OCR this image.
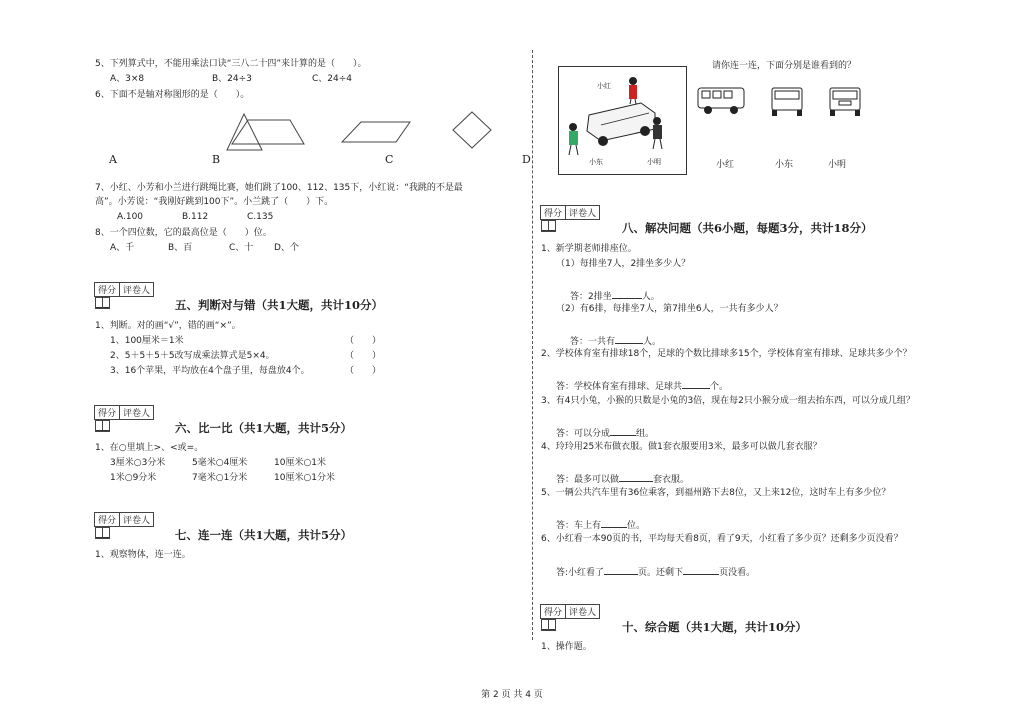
5、下列算式中，不能用乘法口诀“三八二十四”来计算的是（　　）。
A、3×8	B、24÷3	C、24÷4
6、下面不是轴对称图形的是（　　）。
A	B	C	D
7、小红、小芳和小兰进行跳绳比赛，她们跳了100、112、135下，小红说：“我跳的不是最
高”。小芳说：“我刚好跳到100下”。小兰跳了（　　）下。
A.100	B.112	C.135
8、一个四位数，它的最高位是（　　）位。
A、千	B、百	C、十 D、个
得分	评卷人

五、判断对与错（共1大题，共计10分）
1、判断。对的画“√”，错的画“×”。
1、100厘米＝1米	（　　）
2、5＋5＋5＋5改写成乘法算式是5×4。	（　　）
3、16个苹果，平均放在4个盘子里，每盘放4个。	（　　）
得分	评卷人

六、比一比（共1大题，共计5分）
1、在○里填上>、<或=。
3厘米○3分米	5毫米○4厘米	10厘米○1米
1米○9分米	7毫米○1分米	10厘米○1分米
得分	评卷人

七、连一连（共1大题，共计5分）
1、观察物体，连一连。
小红
小东	小明
请你连一连，下面分别是谁看到的？
小红	小东	小明
得分	评卷人

八、解决问题（共6小题，每题3分，共计18分）
1、新学期老师排座位。
（1）每排坐7人，2排坐多少人？
答：2排坐	人。
（2）有6排，每排坐7人，第7排坐6人，一共有多少人？
答：一共有	人。
2、学校体育室有排球18个，足球的个数比排球多15个，学校体育室有排球、足球共多少个？
答：学校体育室有排球、足球共	个。
3、有4只小兔，小猴的只数是小兔的3倍，现在每2只小猴分成一组去抬东西，可以分成几组？
答：可以分成	组。
4、玲玲用25米布做衣服。做1套衣服要用3米，最多可以做几套衣服？
答：最多可以做	套衣服。
5、一辆公共汽车里有36位乘客，到福州路下去8位，又上来12位，这时车上有多少位？
答：车上有	位。
6、小红看一本90页的书，平均每天看8页，看了9天，小红看了多少页？还剩多少页没看？
答:小红看了	页。还剩下	页没看。
得分	评卷人

十、综合题（共1大题，共计10分）
1、操作题。
第 2 页 共 4 页
